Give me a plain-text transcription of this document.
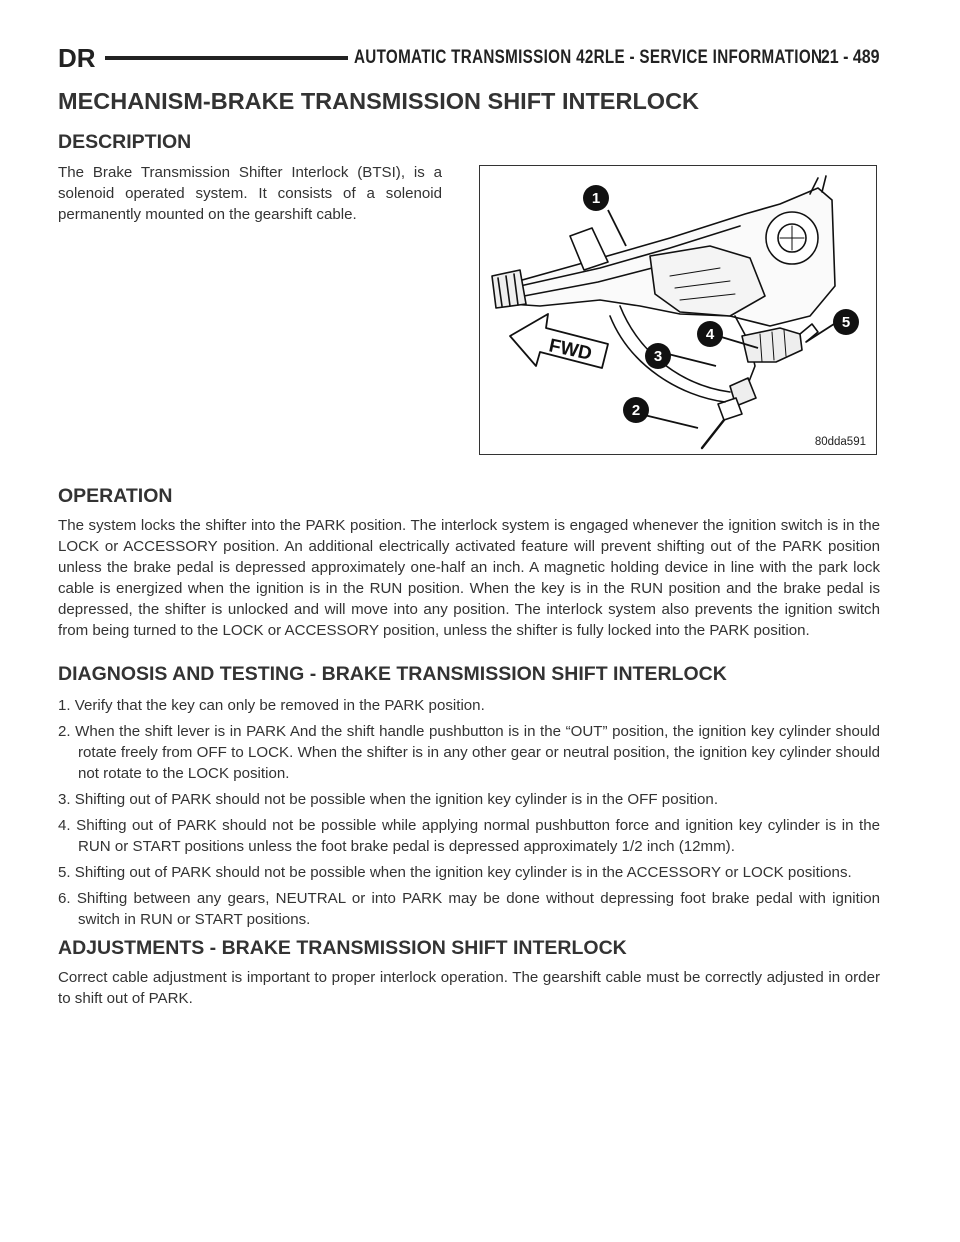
DR	AUTOMATIC TRANSMISSION 42RLE - SERVICE INFORMATION 21 - 489
MECHANISM-BRAKE TRANSMISSION SHIFT INTERLOCK
DESCRIPTION

The Brake Transmission Shifter Interlock (BTSI), is a solenoid operated system. It consists of a solenoid permanently mounted on the gearshift cable.

FWD
1
2
3
4
5
80dda591
OPERATION

The system locks the shifter into the PARK position. The interlock system is engaged whenever the ignition switch is in the LOCK or ACCESSORY position. An additional electrically activated feature will prevent shifting out of the PARK position unless the brake pedal is depressed approximately one-half an inch. A magnetic holding device in line with the park lock cable is energized when the ignition is in the RUN position. When the key is in the RUN position and the brake pedal is depressed, the shifter is unlocked and will move into any position. The interlock system also prevents the ignition switch from being turned to the LOCK or ACCESSORY position, unless the shifter is fully locked into the PARK position.

DIAGNOSIS AND TESTING - BRAKE TRANSMISSION SHIFT INTERLOCK
1. Verify that the key can only be removed in the PARK position.
2. When the shift lever is in PARK And the shift handle pushbutton is in the “OUT” position, the ignition key cylinder should rotate freely from OFF to LOCK. When the shifter is in any other gear or neutral position, the ignition key cylinder should not rotate to the LOCK position.
3. Shifting out of PARK should not be possible when the ignition key cylinder is in the OFF position.
4. Shifting out of PARK should not be possible while applying normal pushbutton force and ignition key cylinder is in the RUN or START positions unless the foot brake pedal is depressed approximately 1/2 inch (12mm).
5. Shifting out of PARK should not be possible when the ignition key cylinder is in the ACCESSORY or LOCK positions.
6. Shifting between any gears, NEUTRAL or into PARK may be done without depressing foot brake pedal with ignition switch in RUN or START positions.
ADJUSTMENTS - BRAKE TRANSMISSION SHIFT INTERLOCK

Correct cable adjustment is important to proper interlock operation. The gearshift cable must be correctly adjusted in order to shift out of PARK.
